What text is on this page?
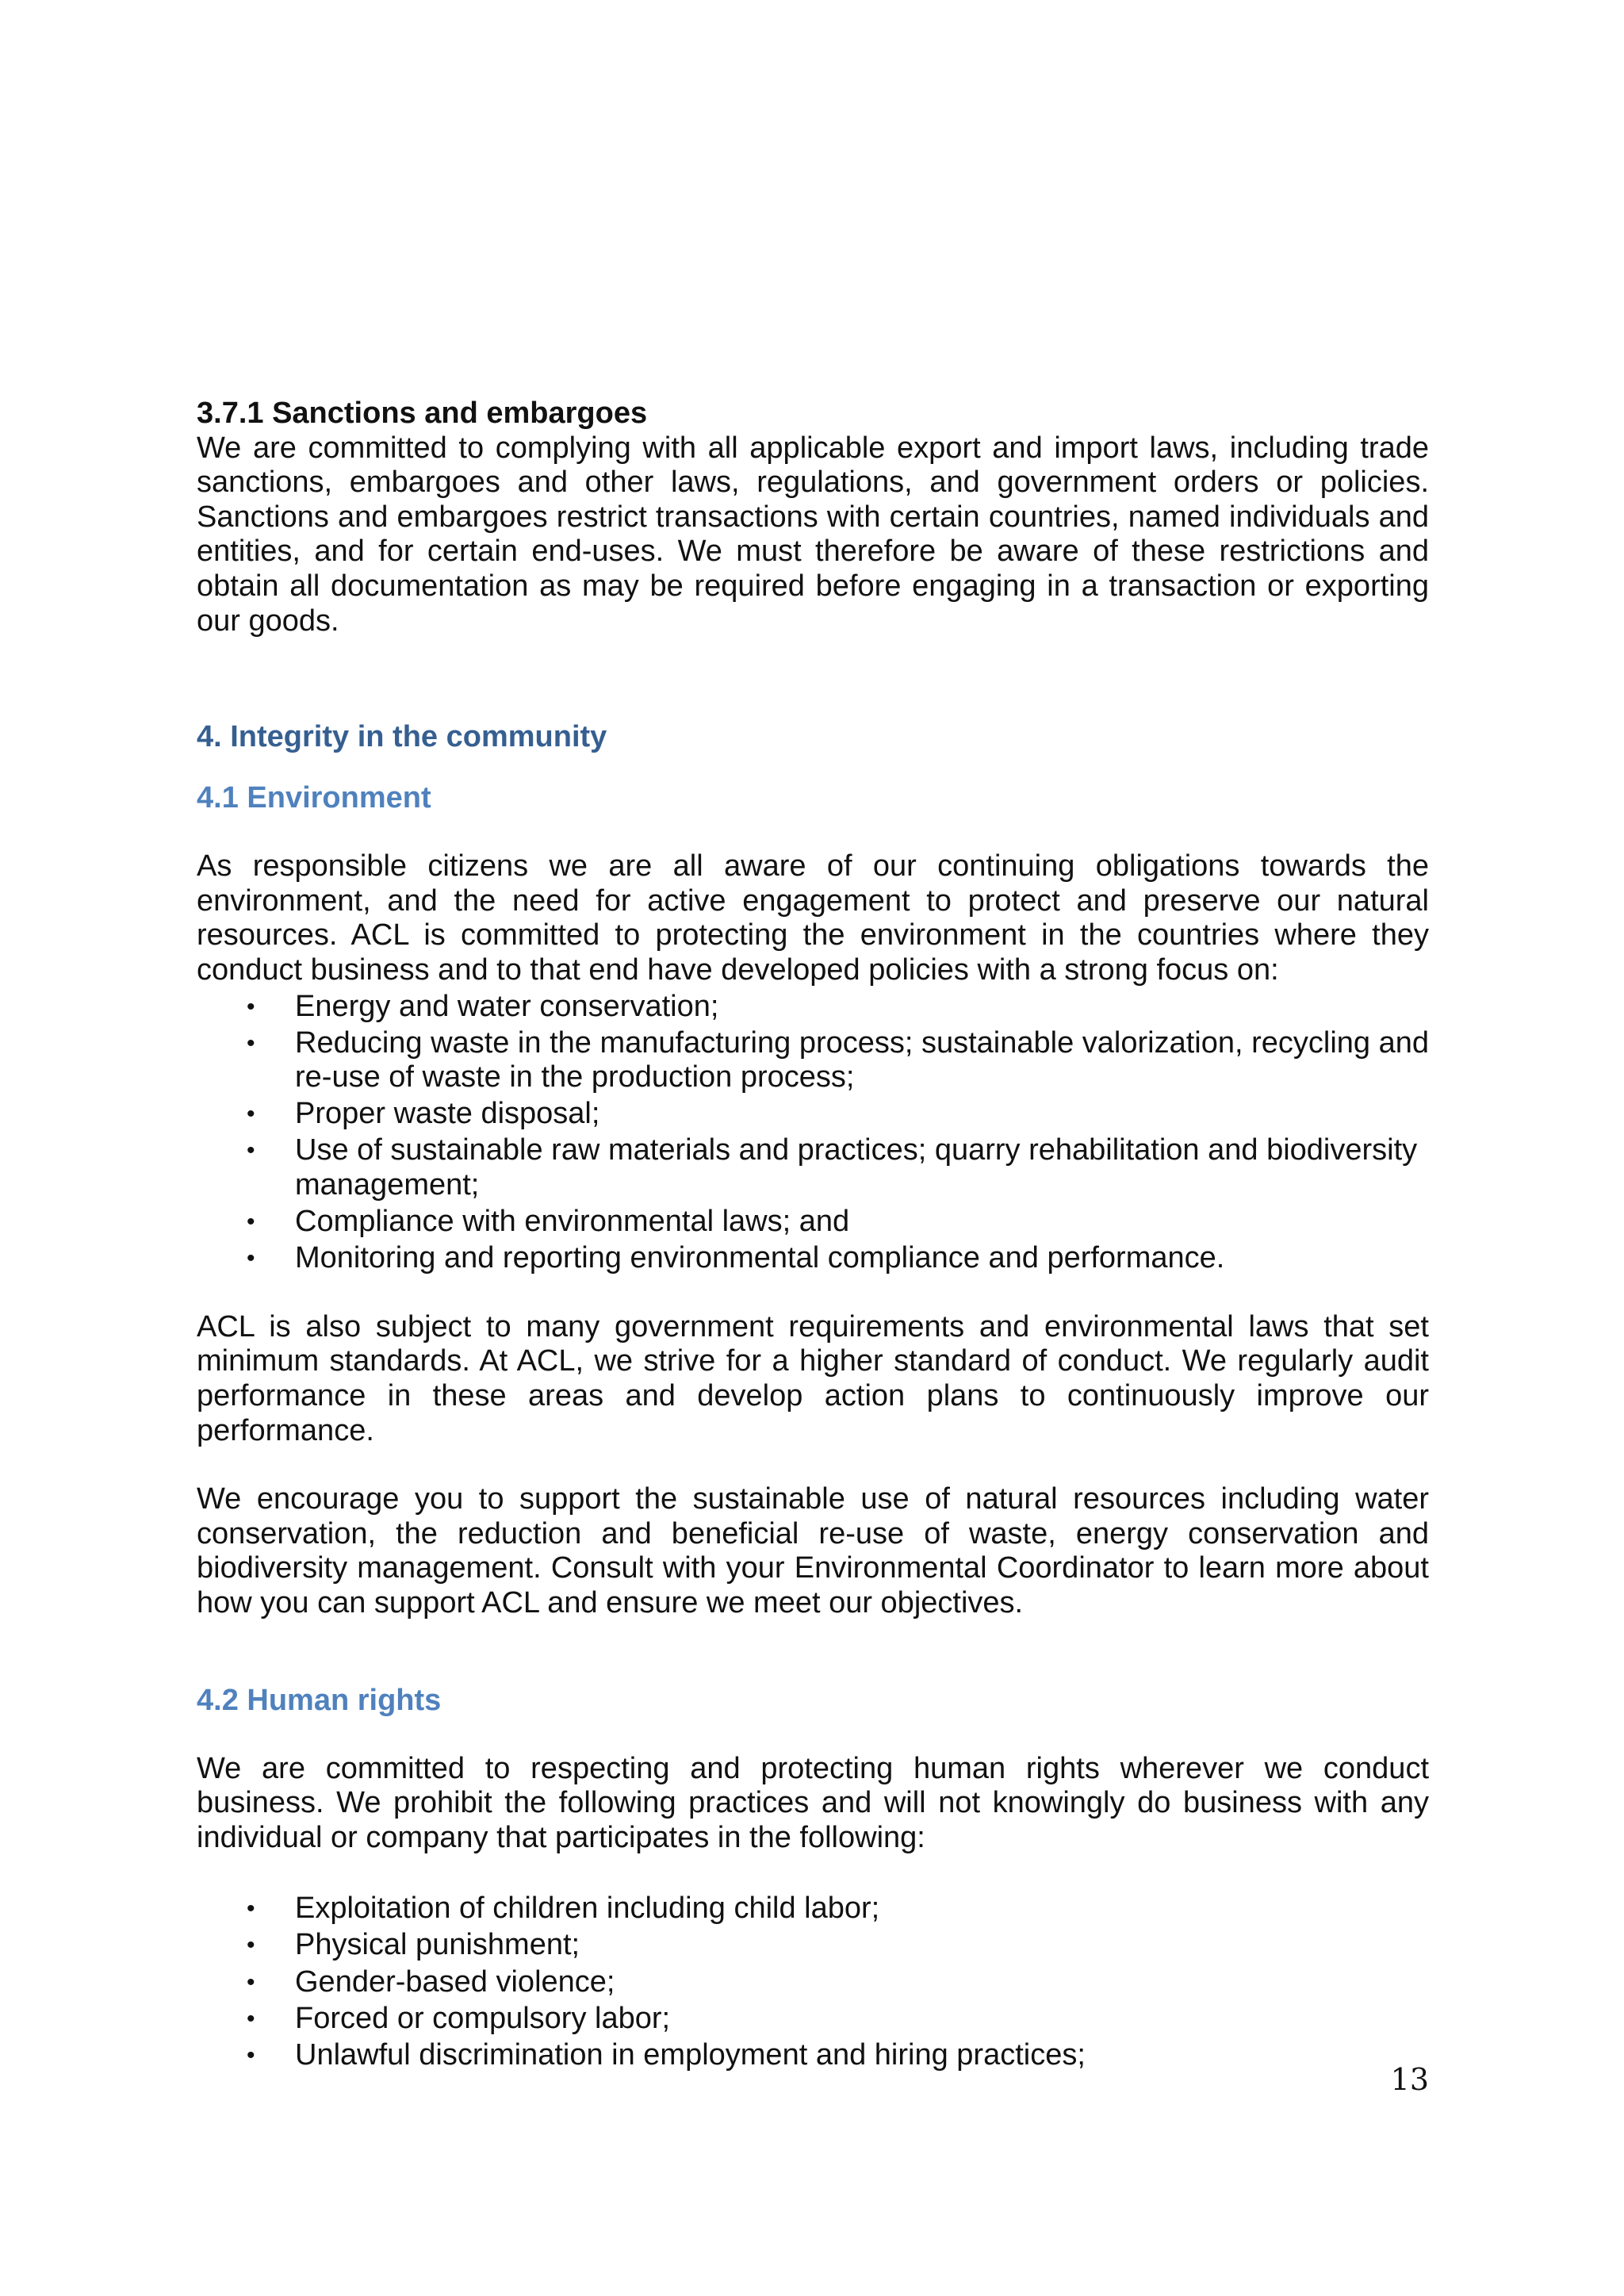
3.7.1 Sanctions and embargoes

We are committed to complying with all applicable export and import laws, including trade sanctions, embargoes and other laws, regulations, and government orders or policies. Sanctions and embargoes restrict transactions with certain countries, named individuals and entities, and for certain end-uses. We must therefore be aware of these restrictions and obtain all documentation as may be required before engaging in a transaction or exporting our goods.

4. Integrity in the community
4.1 Environment

As responsible citizens we are all aware of our continuing obligations towards the environment, and the need for active engagement to protect and preserve our natural resources. ACL is committed to protecting the environment in the countries where they conduct business and to that end have developed policies with a strong focus on:

• Energy and water conservation;
• Reducing waste in the manufacturing process; sustainable valorization, recycling and re-use of waste in the production process;
• Proper waste disposal;
• Use of sustainable raw materials and practices; quarry rehabilitation and biodiversity management;
• Compliance with environmental laws; and
• Monitoring and reporting environmental compliance and performance.

ACL is also subject to many government requirements and environmental laws that set minimum standards. At ACL, we strive for a higher standard of conduct. We regularly audit performance in these areas and develop action plans to continuously improve our performance.

We encourage you to support the sustainable use of natural resources including water conservation, the reduction and beneficial re-use of waste, energy conservation and biodiversity management. Consult with your Environmental Coordinator to learn more about how you can support ACL and ensure we meet our objectives.

4.2 Human rights

We are committed to respecting and protecting human rights wherever we conduct business. We prohibit the following practices and will not knowingly do business with any individual or company that participates in the following:

• Exploitation of children including child labor;
• Physical punishment;
• Gender-based violence;
• Forced or compulsory labor;
• Unlawful discrimination in employment and hiring practices;
13
